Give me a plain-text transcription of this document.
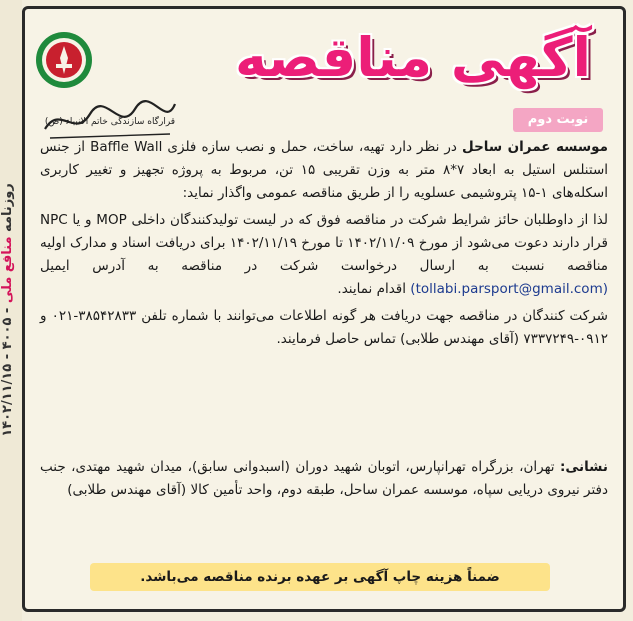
روزنامه منافع ملی - ۴۰۰۵ - ۱۴۰۲/۱۱/۱۵
قرارگاه سازندگی خاتم الانبیاء (ص)
آگهی مناقصه
نوبت دوم

موسسه عمران ساحل در نظر دارد تهیه، ساخت، حمل و نصب سازه فلزی Baffle Wall از جنس استنلس استیل به ابعاد ۷*۸ متر به وزن تقریبی ۱۵ تن، مربوط به پروژه تجهیز و تغییر کاربری اسکله‌های ۱-۱۵ پتروشیمی عسلویه را از طریق مناقصه عمومی واگذار نماید:

لذا از داوطلبان حائز شرایط شرکت در مناقصه فوق که در لیست تولیدکنندگان داخلی MOP و یا NPC قرار دارند دعوت می‌شود از مورخ ۱۴۰۲/۱۱/۰۹ تا مورخ ۱۴۰۲/۱۱/۱۹ برای دریافت اسناد و مدارک اولیه مناقصه نسبت به ارسال درخواست شرکت در مناقصه به آدرس ایمیل (tollabi.parsport@gmail.com) اقدام نمایند.

شرکت کنندگان در مناقصه جهت دریافت هر گونه اطلاعات می‌توانند با شماره تلفن ۳۸۵۴۲۸۳۳-۰۲۱ و ۰۹۱۲-۷۳۳۷۲۴۹ (آقای مهندس طلابی) تماس حاصل فرمایند.

نشانی: تهران، بزرگراه تهرانپارس، اتوبان شهید دوران (اسبدوانی سابق)، میدان شهید مهتدی، جنب دفتر نیروی دریایی سپاه، موسسه عمران ساحل، طبقه دوم، واحد تأمین کالا (آقای مهندس طلابی)
ضمناً هزینه چاپ آگهی بر عهده برنده مناقصه می‌باشد.
